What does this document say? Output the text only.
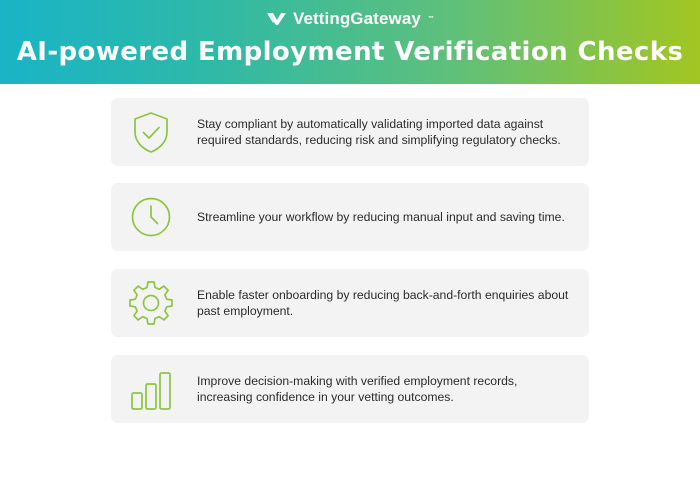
VettingGateway ™
AI-powered Employment Verification Checks
Stay compliant by automatically validating imported data against required standards, reducing risk and simplifying regulatory checks.
Streamline your workflow by reducing manual input and saving time.
Enable faster onboarding by reducing back-and-forth enquiries about past employment.
Improve decision-making with verified employment records, increasing confidence in your vetting outcomes.
